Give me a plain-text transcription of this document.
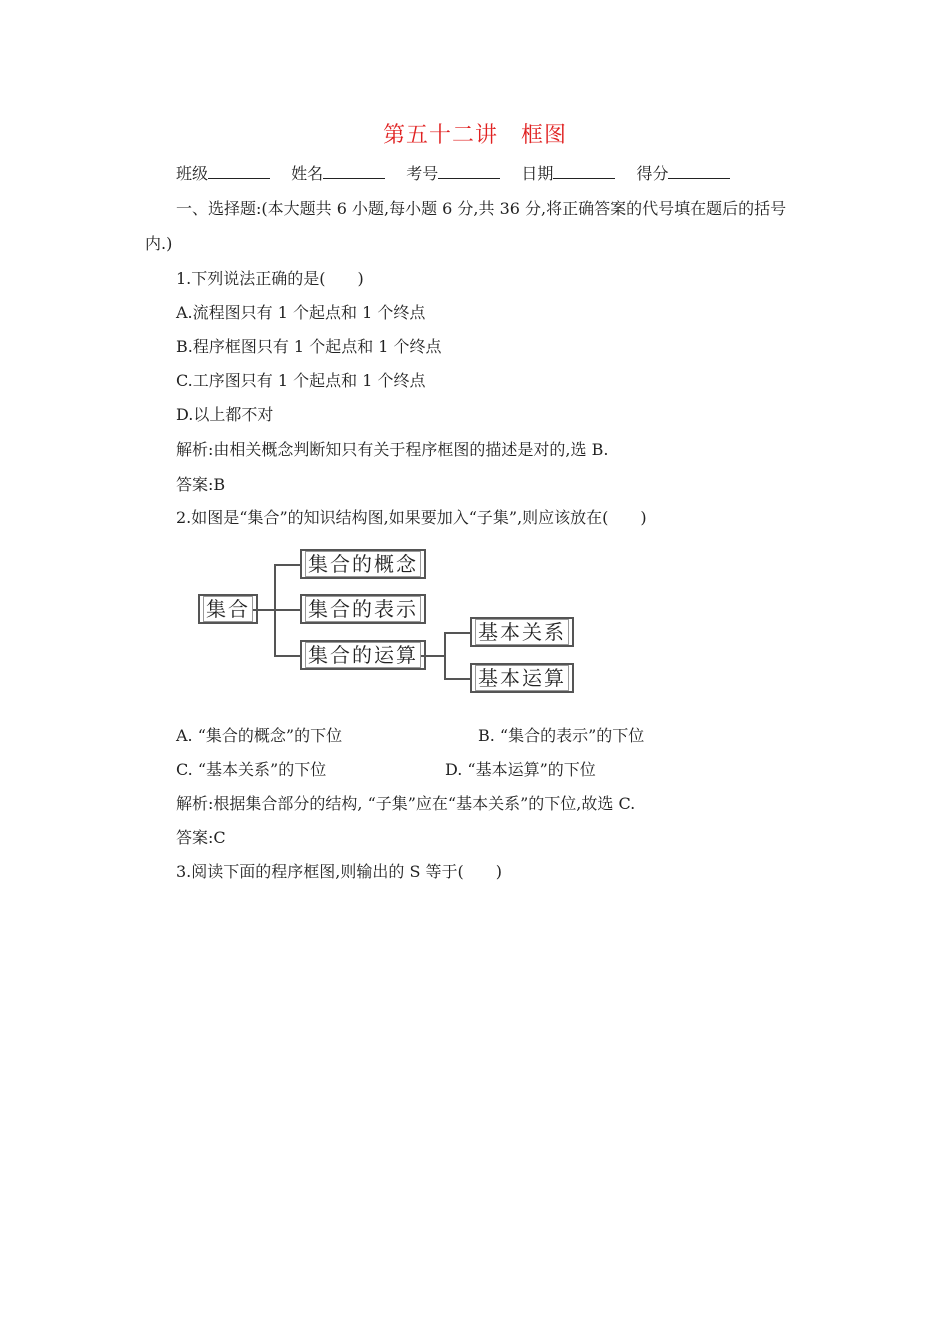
第五十二讲　框图
班级	姓名	考号	日期	得分
一、选择题:(本大题共 6 小题,每小题 6 分,共 36 分,将正确答案的代号填在题后的括号
内.)
1.下列说法正确的是(　　)
A.流程图只有 1 个起点和 1 个终点
B.程序框图只有 1 个起点和 1 个终点
C.工序图只有 1 个起点和 1 个终点
D.以上都不对
解析:由相关概念判断知只有关于程序框图的描述是对的,选 B.
答案:B
2.如图是“集合”的知识结构图,如果要加入“子集”,则应该放在(　　)
集合
集合的概念
集合的表示
集合的运算
基本关系
基本运算
A. “集合的概念”的下位	B. “集合的表示”的下位
C. “基本关系”的下位	D. “基本运算”的下位
解析:根据集合部分的结构, “子集”应在“基本关系”的下位,故选 C.
答案:C
3.阅读下面的程序框图,则输出的 S 等于(　　)
